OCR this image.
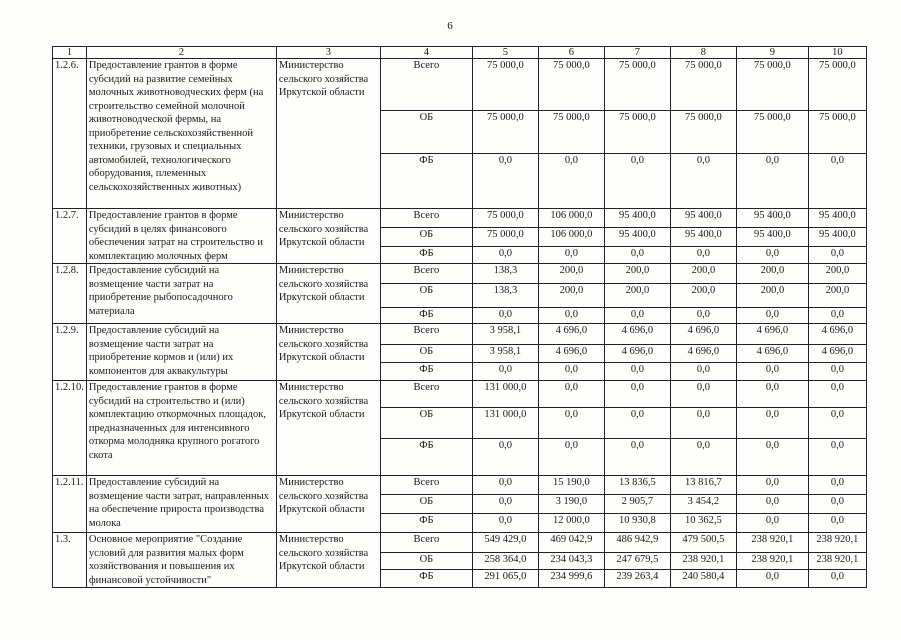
6
1	2	3	4	5	6	7	8	9	10
1.2.6.	Предоставление грантов в форме субсидий на развитие семейных молочных животноводческих ферм (на строительство семейной молочной животноводческой фермы, на приобретение сельскохозяйственной техники, грузовых и специальных автомобилей, технологического оборудования, племенных сельскохозяйственных животных)	Министерство сельского хозяйства Иркутской области	Всего	75 000,0	75 000,0	75 000,0	75 000,0	75 000,0	75 000,0
			ОБ	75 000,0	75 000,0	75 000,0	75 000,0	75 000,0	75 000,0
			ФБ	0,0	0,0	0,0	0,0	0,0	0,0
1.2.7.	Предоставление грантов в форме субсидий в целях финансового обеспечения затрат на строительство и комплектацию молочных ферм	Министерство сельского хозяйства Иркутской области	Всего	75 000,0	106 000,0	95 400,0	95 400,0	95 400,0	95 400,0
			ОБ	75 000,0	106 000,0	95 400,0	95 400,0	95 400,0	95 400,0
			ФБ	0,0	0,0	0,0	0,0	0,0	0,0
1.2.8.	Предоставление субсидий на возмещение части затрат на приобретение рыбопосадочного материала	Министерство сельского хозяйства Иркутской области	Всего	138,3	200,0	200,0	200,0	200,0	200,0
			ОБ	138,3	200,0	200,0	200,0	200,0	200,0
			ФБ	0,0	0,0	0,0	0,0	0,0	0,0
1.2.9.	Предоставление субсидий на возмещение части затрат на приобретение кормов и (или) их компонентов для аквакультуры	Министерство сельского хозяйства Иркутской области	Всего	3 958,1	4 696,0	4 696,0	4 696,0	4 696,0	4 696,0
			ОБ	3 958,1	4 696,0	4 696,0	4 696,0	4 696,0	4 696,0
			ФБ	0,0	0,0	0,0	0,0	0,0	0,0
1.2.10.	Предоставление грантов в форме субсидий на строительство и (или) комплектацию откормочных площадок, предназначенных для интенсивного откорма молодняка крупного рогатого скота	Министерство сельского хозяйства Иркутской области	Всего	131 000,0	0,0	0,0	0,0	0,0	0,0
			ОБ	131 000,0	0,0	0,0	0,0	0,0	0,0
			ФБ	0,0	0,0	0,0	0,0	0,0	0,0
1.2.11.	Предоставление субсидий на возмещение части затрат, направленных на обеспечение прироста производства молока	Министерство сельского хозяйства Иркутской области	Всего	0,0	15 190,0	13 836,5	13 816,7	0,0	0,0
			ОБ	0,0	3 190,0	2 905,7	3 454,2	0,0	0,0
			ФБ	0,0	12 000,0	10 930,8	10 362,5	0,0	0,0
1.3.	Основное мероприятие "Создание условий для развития малых форм хозяйствования и повышения их финансовой устойчивости"	Министерство сельского хозяйства Иркутской области	Всего	549 429,0	469 042,9	486 942,9	479 500,5	238 920,1	238 920,1
			ОБ	258 364,0	234 043,3	247 679,5	238 920,1	238 920,1	238 920,1
			ФБ	291 065,0	234 999,6	239 263,4	240 580,4	0,0	0,0
